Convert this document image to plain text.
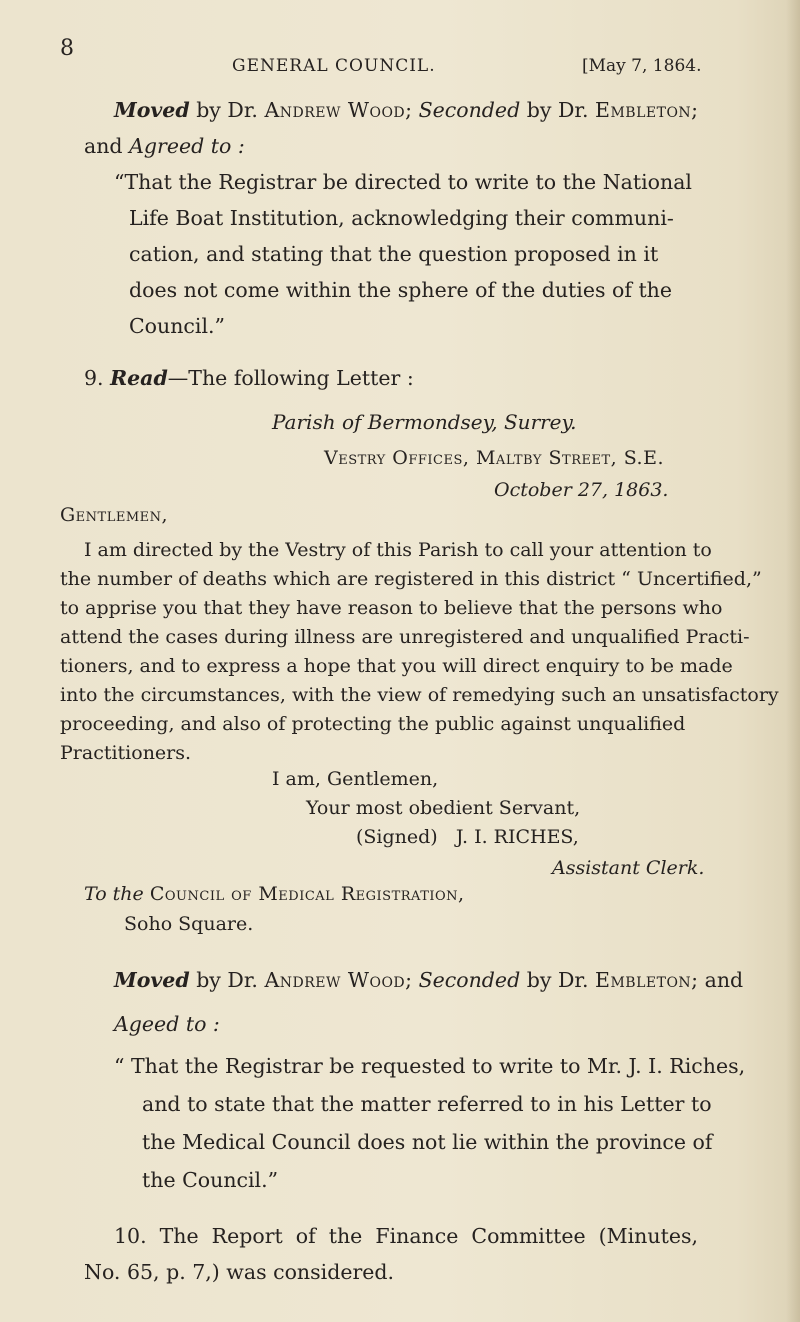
8
GENERAL COUNCIL.	[May 7, 1864.
Moved by Dr. Andrew Wood; Seconded by Dr. Embleton;
and Agreed to :
“That the Registrar be directed to write to the National
Life Boat Institution, acknowledging their communi-
cation, and stating that the question proposed in it
does not come within the sphere of the duties of the
Council.”
9. Read—The following Letter :
Parish of Bermondsey, Surrey.
Vestry Offices, Maltby Street, S.E.
October 27, 1863.
Gentlemen,
I am directed by the Vestry of this Parish to call your attention to
the number of deaths which are registered in this district “ Uncertified,”
to apprise you that they have reason to believe that the persons who
attend the cases during illness are unregistered and unqualified Practi-
tioners, and to express a hope that you will direct enquiry to be made
into the circumstances, with the view of remedying such an unsatisfactory
proceeding, and also of protecting the public against unqualified
Practitioners.
I am, Gentlemen,
Your most obedient Servant,
(Signed)   J. I. RICHES,
Assistant Clerk.
To the Council of Medical Registration,
Soho Square.
Moved by Dr. Andrew Wood; Seconded by Dr. Embleton; and
Ageed to :
“ That the Registrar be requested to write to Mr. J. I. Riches,
and to state that the matter referred to in his Letter to
the Medical Council does not lie within the province of
the Council.”
10.  The  Report  of  the  Finance  Committee  (Minutes,
No. 65, p. 7,) was considered.
